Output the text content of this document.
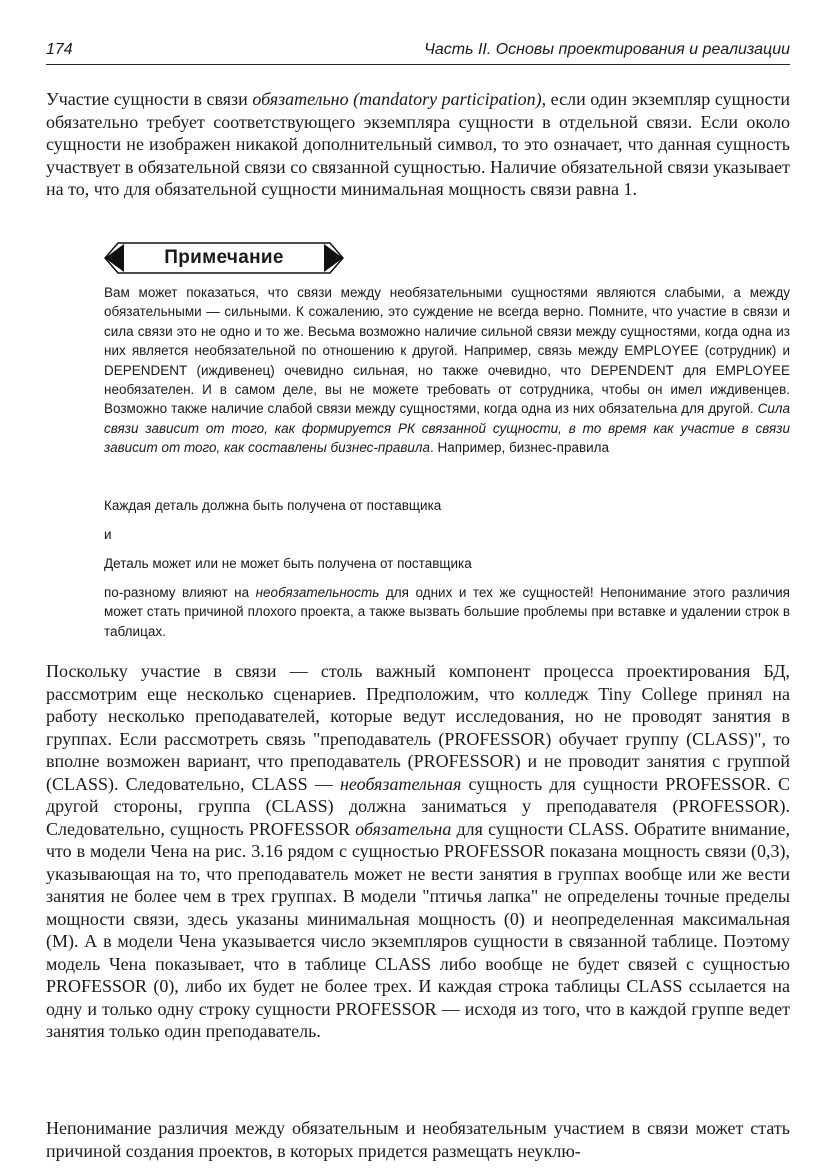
174	Часть II. Основы проектирования и реализации

Участие сущности в связи обязательно (mandatory participation), если один экземпляр сущности обязательно требует соответствующего экземпляра сущности в отдельной связи. Если около сущности не изображен никакой дополнительный символ, то это означает, что данная сущность участвует в обязательной связи со связанной сущностью. Наличие обязательной связи указывает на то, что для обязательной сущности минимальная мощность связи равна 1.

Примечание

Вам может показаться, что связи между необязательными сущностями являются слабыми, а между обязательными — сильными. К сожалению, это суждение не всегда верно. Помните, что участие в связи и сила связи это не одно и то же. Весьма возможно наличие сильной связи между сущностями, когда одна из них является необязательной по отношению к другой. Например, связь между EMPLOYEE (сотрудник) и DEPENDENT (иждивенец) очевидно сильная, но также очевидно, что DEPENDENT для EMPLOYEE необязателен. И в самом деле, вы не можете требовать от сотрудника, чтобы он имел иждивенцев. Возможно также наличие слабой связи между сущностями, когда одна из них обязательна для другой. Сила связи зависит от того, как формируется РК связанной сущности, в то время как участие в связи зависит от того, как составлены бизнес-правила. Например, бизнес-правила

Каждая деталь должна быть получена от поставщика

и

Деталь может или не может быть получена от поставщика

по-разному влияют на необязательность для одних и тех же сущностей! Непонимание этого различия может стать причиной плохого проекта, а также вызвать большие проблемы при вставке и удалении строк в таблицах.

Поскольку участие в связи — столь важный компонент процесса проектирования БД, рассмотрим еще несколько сценариев. Предположим, что колледж Tiny College принял на работу несколько преподавателей, которые ведут исследования, но не проводят занятия в группах. Если рассмотреть связь "преподаватель (PROFESSOR) обучает группу (CLASS)", то вполне возможен вариант, что преподаватель (PROFESSOR) и не проводит занятия с группой (CLASS). Следовательно, CLASS — необязательная сущность для сущности PROFESSOR. С другой стороны, группа (CLASS) должна заниматься у преподавателя (PROFESSOR). Следовательно, сущность PROFESSOR обязательна для сущности CLASS. Обратите внимание, что в модели Чена на рис. 3.16 рядом с сущностью PROFESSOR показана мощность связи (0,3), указывающая на то, что преподаватель может не вести занятия в группах вообще или же вести занятия не более чем в трех группах. В модели "птичья лапка" не определены точные пределы мощности связи, здесь указаны минимальная мощность (0) и неопределенная максимальная (M). А в модели Чена указывается число экземпляров сущности в связанной таблице. Поэтому модель Чена показывает, что в таблице CLASS либо вообще не будет связей с сущностью PROFESSOR (0), либо их будет не более трех. И каждая строка таблицы CLASS ссылается на одну и только одну строку сущности PROFESSOR — исходя из того, что в каждой группе ведет занятия только один преподаватель.

Непонимание различия между обязательным и необязательным участием в связи может стать причиной создания проектов, в которых придется размещать неуклю-
